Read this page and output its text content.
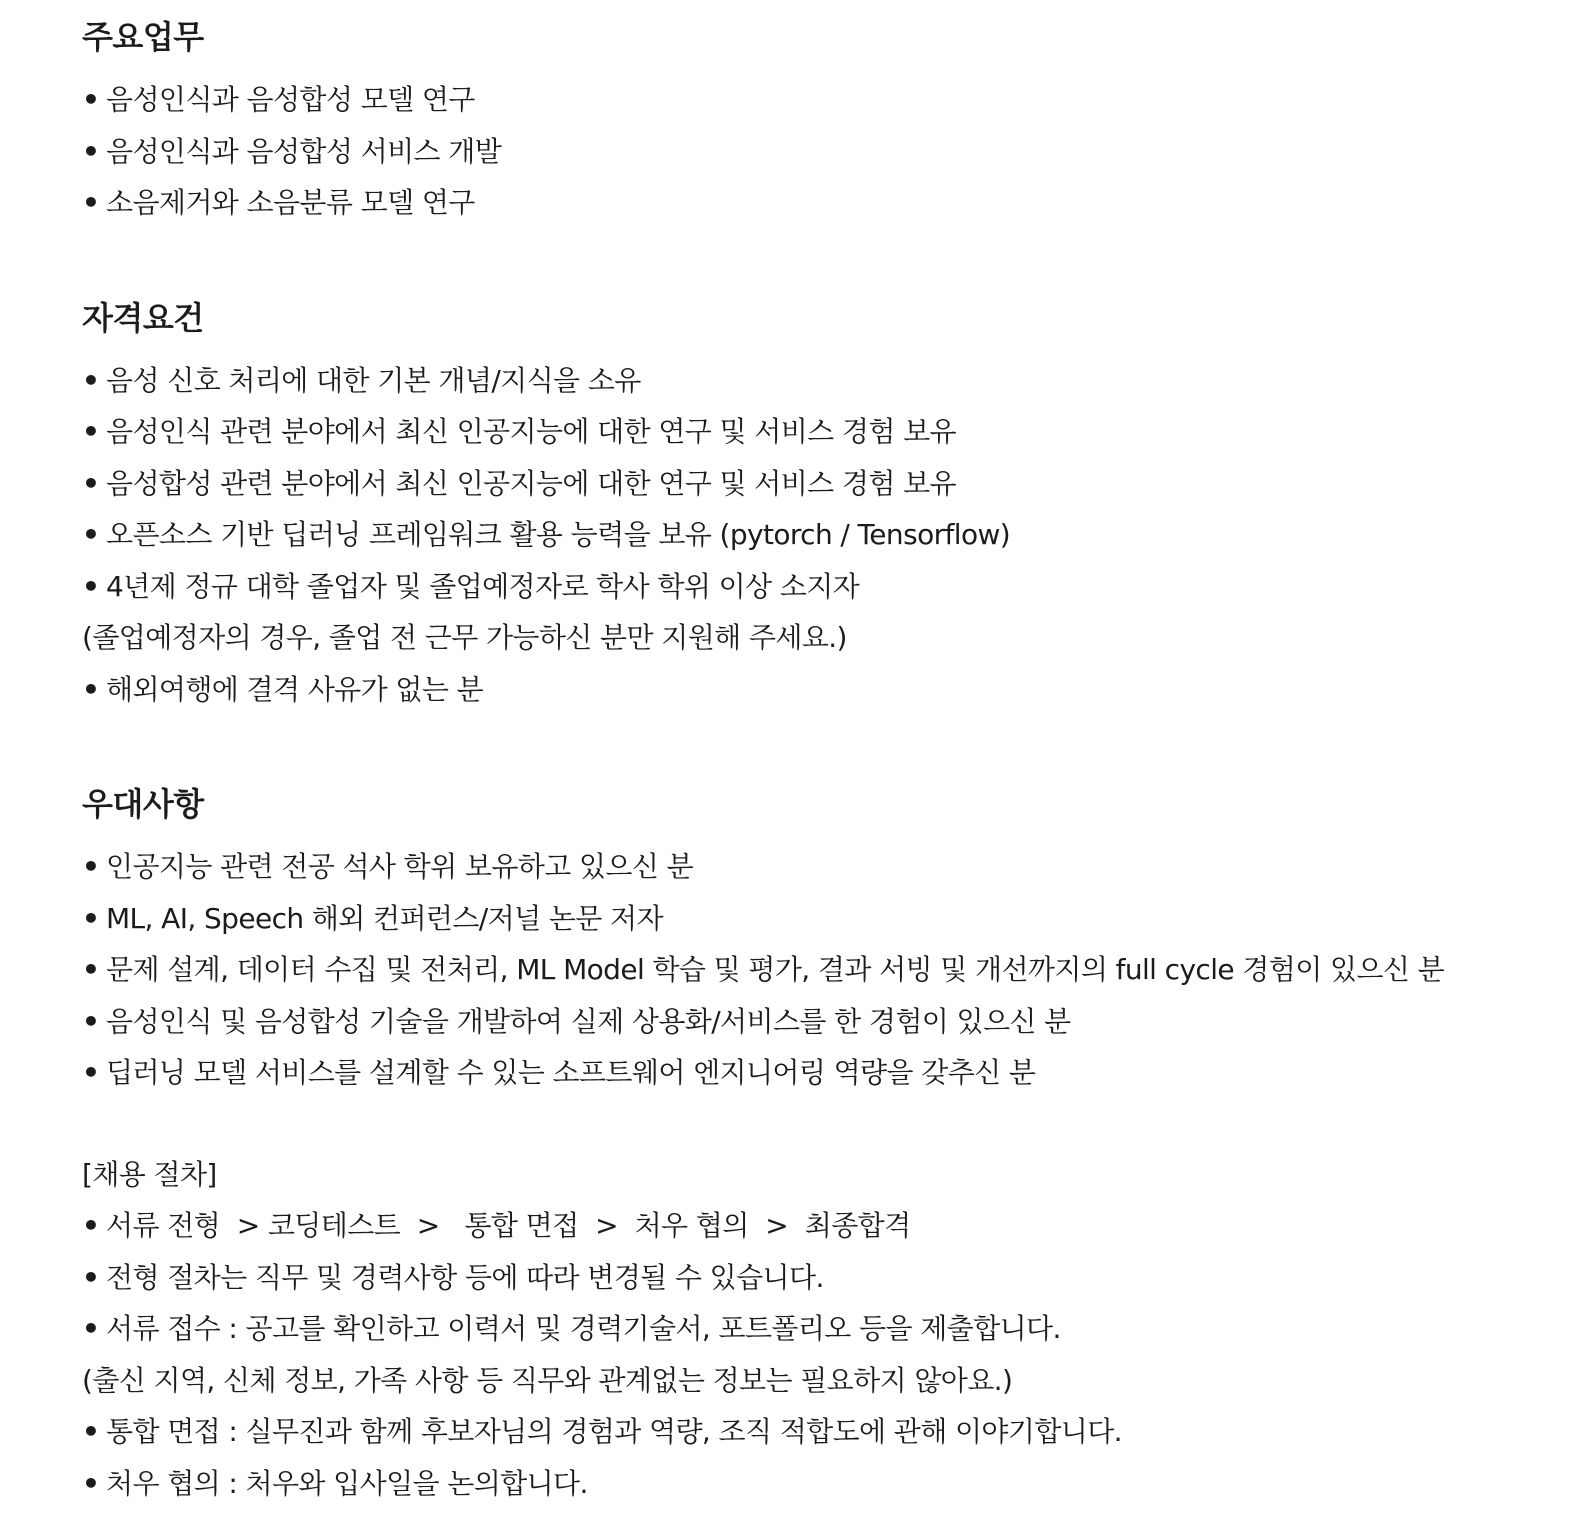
주요업무
• 음성인식과 음성합성 모델 연구
• 음성인식과 음성합성 서비스 개발
• 소음제거와 소음분류 모델 연구
자격요건
• 음성 신호 처리에 대한 기본 개념/지식을 소유
• 음성인식 관련 분야에서 최신 인공지능에 대한 연구 및 서비스 경험 보유
• 음성합성 관련 분야에서 최신 인공지능에 대한 연구 및 서비스 경험 보유
• 오픈소스 기반 딥러닝 프레임워크 활용 능력을 보유 (pytorch / Tensorflow)
• 4년제 정규 대학 졸업자 및 졸업예정자로 학사 학위 이상 소지자
(졸업예정자의 경우, 졸업 전 근무 가능하신 분만 지원해 주세요.)
• 해외여행에 결격 사유가 없는 분
우대사항
• 인공지능 관련 전공 석사 학위 보유하고 있으신 분
• ML, AI, Speech 해외 컨퍼런스/저널 논문 저자
• 문제 설계, 데이터 수집 및 전처리, ML Model 학습 및 평가, 결과 서빙 및 개선까지의 full cycle 경험이 있으신 분
• 음성인식 및 음성합성 기술을 개발하여 실제 상용화/서비스를 한 경험이 있으신 분
• 딥러닝 모델 서비스를 설계할 수 있는 소프트웨어 엔지니어링 역량을 갖추신 분
[채용 절차]
• 서류 전형  > 코딩테스트  >   통합 면접  >  처우 협의  >  최종합격
• 전형 절차는 직무 및 경력사항 등에 따라 변경될 수 있습니다.
• 서류 접수 : 공고를 확인하고 이력서 및 경력기술서, 포트폴리오 등을 제출합니다.
(출신 지역, 신체 정보, 가족 사항 등 직무와 관계없는 정보는 필요하지 않아요.)
• 통합 면접 : 실무진과 함께 후보자님의 경험과 역량, 조직 적합도에 관해 이야기합니다.
• 처우 협의 : 처우와 입사일을 논의합니다.
